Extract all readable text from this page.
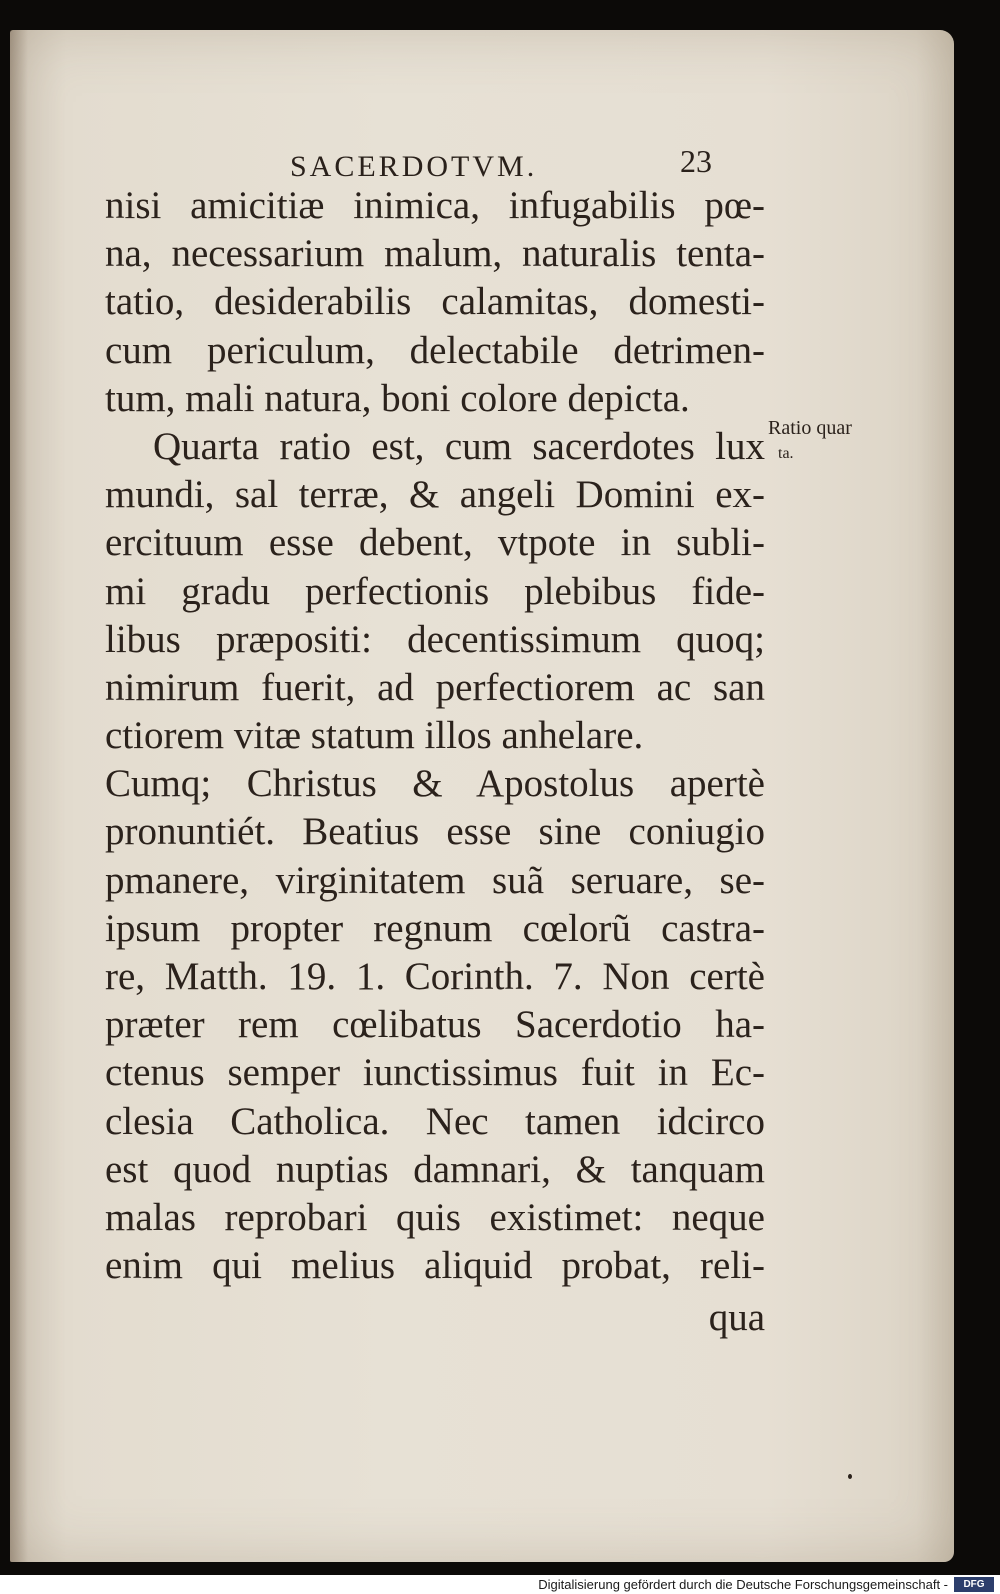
SACERDOTVM.	23
nisi amicitiæ inimica, infugabilis pœ-
na, necessarium malum, naturalis tenta-
tatio, desiderabilis calamitas, domesti-
cum periculum, delectabile detrimen-
tum, mali natura, boni colore depicta.
Quarta ratio est, cum sacerdotes lux
mundi, sal terræ, & angeli Domini ex-
ercituum esse debent, vtpote in subli-
mi gradu perfectionis plebibus fide-
libus præpositi: decentissimum quoq;
nimirum fuerit, ad perfectiorem ac san
ctiorem vitæ statum illos anhelare.
Cumq; Christus & Apostolus apertè
pronuntiét. Beatius esse sine coniugio
pmanere, virginitatem suã seruare, se-
ipsum propter regnum cœlorũ castra-
re, Matth. 19. 1. Corinth. 7. Non certè
præter rem cœlibatus Sacerdotio ha-
ctenus semper iunctissimus fuit in Ec-
clesia Catholica. Nec tamen idcirco
est quod nuptias damnari, & tanquam
malas reprobari quis existimet: neque
enim qui melius aliquid probat, reli-
qua
Ratio quar
ta.
Digitalisierung gefördert durch die Deutsche Forschungsgemeinschaft -	DFG
